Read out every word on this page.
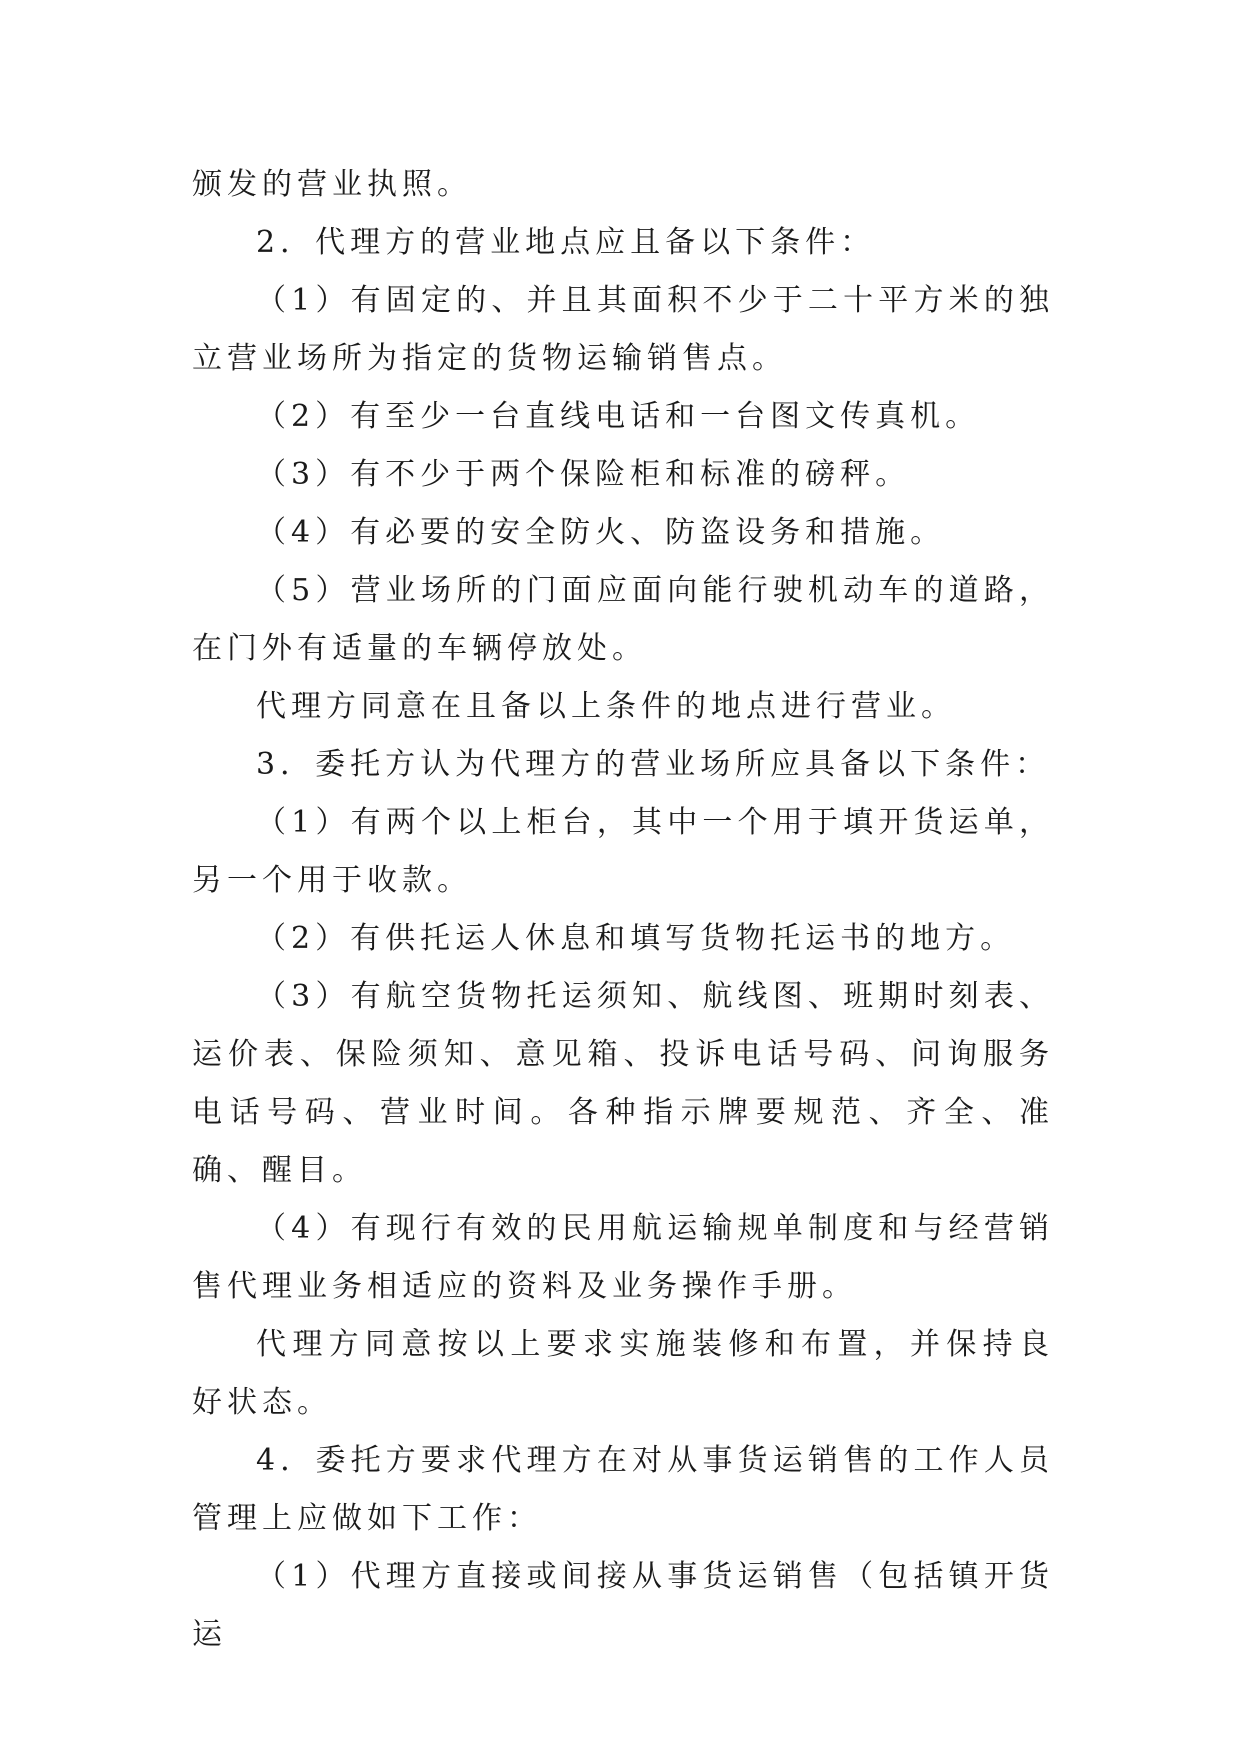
颁发的营业执照。

2．代理方的营业地点应且备以下条件：

（1）有固定的、并且其面积不少于二十平方米的独立营业场所为指定的货物运输销售点。

（2）有至少一台直线电话和一台图文传真机。

（3）有不少于两个保险柜和标准的磅秤。

（4）有必要的安全防火、防盗设务和措施。

（5）营业场所的门面应面向能行驶机动车的道路，在门外有适量的车辆停放处。

代理方同意在且备以上条件的地点进行营业。

3．委托方认为代理方的营业场所应具备以下条件：

（1）有两个以上柜台，其中一个用于填开货运单，另一个用于收款。

（2）有供托运人休息和填写货物托运书的地方。

（3）有航空货物托运须知、航线图、班期时刻表、运价表、保险须知、意见箱、投诉电话号码、问询服务电话号码、营业时间。各种指示牌要规范、齐全、准确、醒目。

（4）有现行有效的民用航运输规单制度和与经营销售代理业务相适应的资料及业务操作手册。

代理方同意按以上要求实施装修和布置，并保持良好状态。

4．委托方要求代理方在对从事货运销售的工作人员管理上应做如下工作：

（1）代理方直接或间接从事货运销售（包括镇开货运
